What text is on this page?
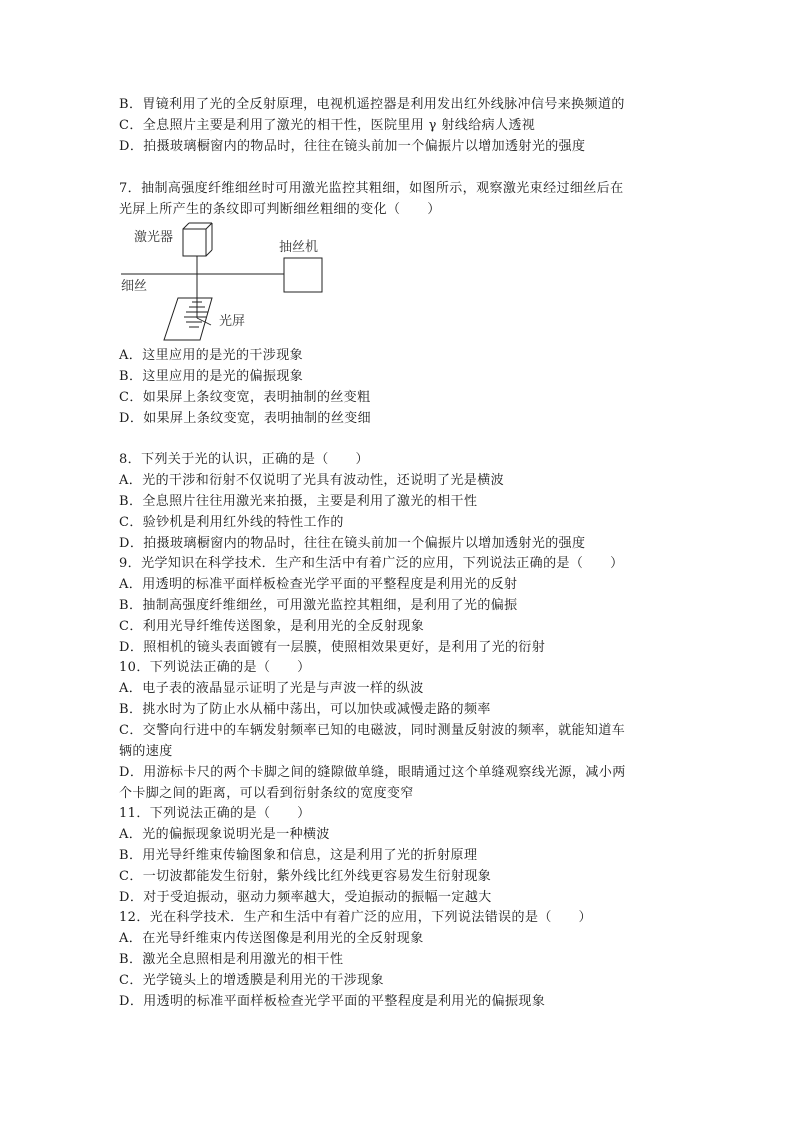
B．胃镜利用了光的全反射原理，电视机遥控器是利用发出红外线脉冲信号来换频道的
C．全息照片主要是利用了激光的相干性，医院里用 γ 射线给病人透视
D．拍摄玻璃橱窗内的物品时，往往在镜头前加一个偏振片以增加透射光的强度
7．抽制高强度纤维细丝时可用激光监控其粗细，如图所示，观察激光束经过细丝后在
光屏上所产生的条纹即可判断细丝粗细的变化（　　）
激光器
细丝
抽丝机
光屏
A．这里应用的是光的干涉现象
B．这里应用的是光的偏振现象
C．如果屏上条纹变宽，表明抽制的丝变粗
D．如果屏上条纹变宽，表明抽制的丝变细
8．下列关于光的认识，正确的是（　　）
A．光的干涉和衍射不仅说明了光具有波动性，还说明了光是横波
B．全息照片往往用激光来拍摄，主要是利用了激光的相干性
C．验钞机是利用红外线的特性工作的
D．拍摄玻璃橱窗内的物品时，往往在镜头前加一个偏振片以增加透射光的强度
9．光学知识在科学技术．生产和生活中有着广泛的应用，下列说法正确的是（　　）
A．用透明的标准平面样板检查光学平面的平整程度是利用光的反射
B．抽制高强度纤维细丝，可用激光监控其粗细，是利用了光的偏振
C．利用光导纤维传送图象，是利用光的全反射现象
D．照相机的镜头表面镀有一层膜，使照相效果更好，是利用了光的衍射
10．下列说法正确的是（　　）
A．电子表的液晶显示证明了光是与声波一样的纵波
B．挑水时为了防止水从桶中荡出，可以加快或减慢走路的频率
C．交警向行进中的车辆发射频率已知的电磁波，同时测量反射波的频率，就能知道车
辆的速度
D．用游标卡尺的两个卡脚之间的缝隙做单缝，眼睛通过这个单缝观察线光源，减小两
个卡脚之间的距离，可以看到衍射条纹的宽度变窄
11．下列说法正确的是（　　）
A．光的偏振现象说明光是一种横波
B．用光导纤维束传输图象和信息，这是利用了光的折射原理
C．一切波都能发生衍射，紫外线比红外线更容易发生衍射现象
D．对于受迫振动，驱动力频率越大，受迫振动的振幅一定越大
12．光在科学技术．生产和生活中有着广泛的应用，下列说法错误的是（　　）
A．在光导纤维束内传送图像是利用光的全反射现象
B．激光全息照相是利用激光的相干性
C．光学镜头上的增透膜是利用光的干涉现象
D．用透明的标准平面样板检查光学平面的平整程度是利用光的偏振现象
